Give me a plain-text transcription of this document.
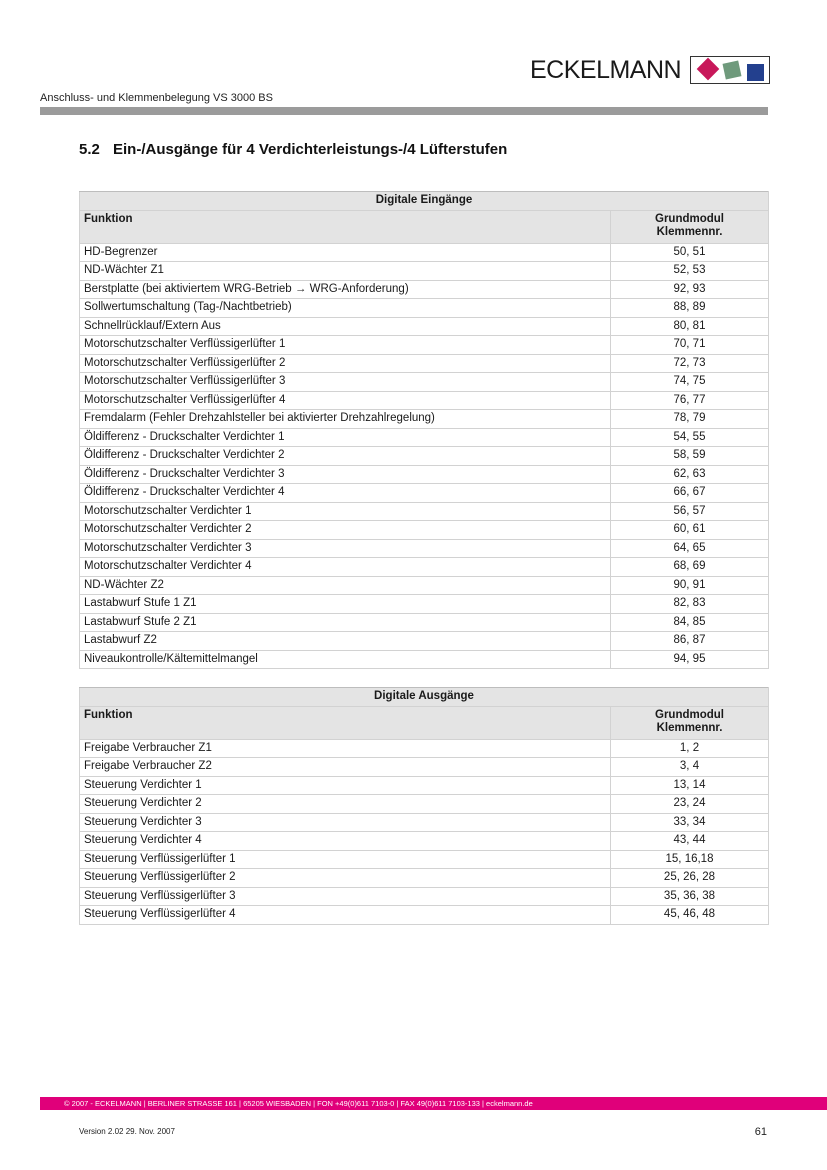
ECKELMANN
Anschluss- und Klemmenbelegung VS 3000 BS
5.2 Ein-/Ausgänge für 4 Verdichterleistungs-/4 Lüfterstufen
Digitale Eingänge	
Funktion	Grundmodul
Klemmennr.
HD-Begrenzer	50, 51
ND-Wächter Z1	52, 53
Berstplatte (bei aktiviertem WRG-Betrieb → WRG-Anforderung)	92, 93
Sollwertumschaltung (Tag-/Nachtbetrieb)	88, 89
Schnellrücklauf/Extern Aus	80, 81
Motorschutzschalter Verflüssigerlüfter 1	70, 71
Motorschutzschalter Verflüssigerlüfter 2	72, 73
Motorschutzschalter Verflüssigerlüfter 3	74, 75
Motorschutzschalter Verflüssigerlüfter 4	76, 77
Fremdalarm (Fehler Drehzahlsteller bei aktivierter Drehzahlregelung)	78, 79
Öldifferenz - Druckschalter Verdichter 1	54, 55
Öldifferenz - Druckschalter Verdichter 2	58, 59
Öldifferenz - Druckschalter Verdichter 3	62, 63
Öldifferenz - Druckschalter Verdichter 4	66, 67
Motorschutzschalter Verdichter 1	56, 57
Motorschutzschalter Verdichter 2	60, 61
Motorschutzschalter Verdichter 3	64, 65
Motorschutzschalter Verdichter 4	68, 69
ND-Wächter Z2	90, 91
Lastabwurf Stufe 1 Z1	82, 83
Lastabwurf Stufe 2 Z1	84, 85
Lastabwurf Z2	86, 87
Niveaukontrolle/Kältemittelmangel	94, 95
Digitale Ausgänge	
Funktion	Grundmodul
Klemmennr.
Freigabe Verbraucher Z1	1, 2
Freigabe Verbraucher Z2	3, 4
Steuerung Verdichter 1	13, 14
Steuerung Verdichter 2	23, 24
Steuerung Verdichter 3	33, 34
Steuerung Verdichter 4	43, 44
Steuerung Verflüssigerlüfter 1	15, 16,18
Steuerung Verflüssigerlüfter 2	25, 26, 28
Steuerung Verflüssigerlüfter 3	35, 36, 38
Steuerung Verflüssigerlüfter 4	45, 46, 48
© 2007 - ECKELMANN | BERLINER STRASSE 161 | 65205 WIESBADEN | FON +49(0)611 7103-0 | FAX 49(0)611 7103-133 | eckelmann.de
Version 2.02 29. Nov. 2007	61
